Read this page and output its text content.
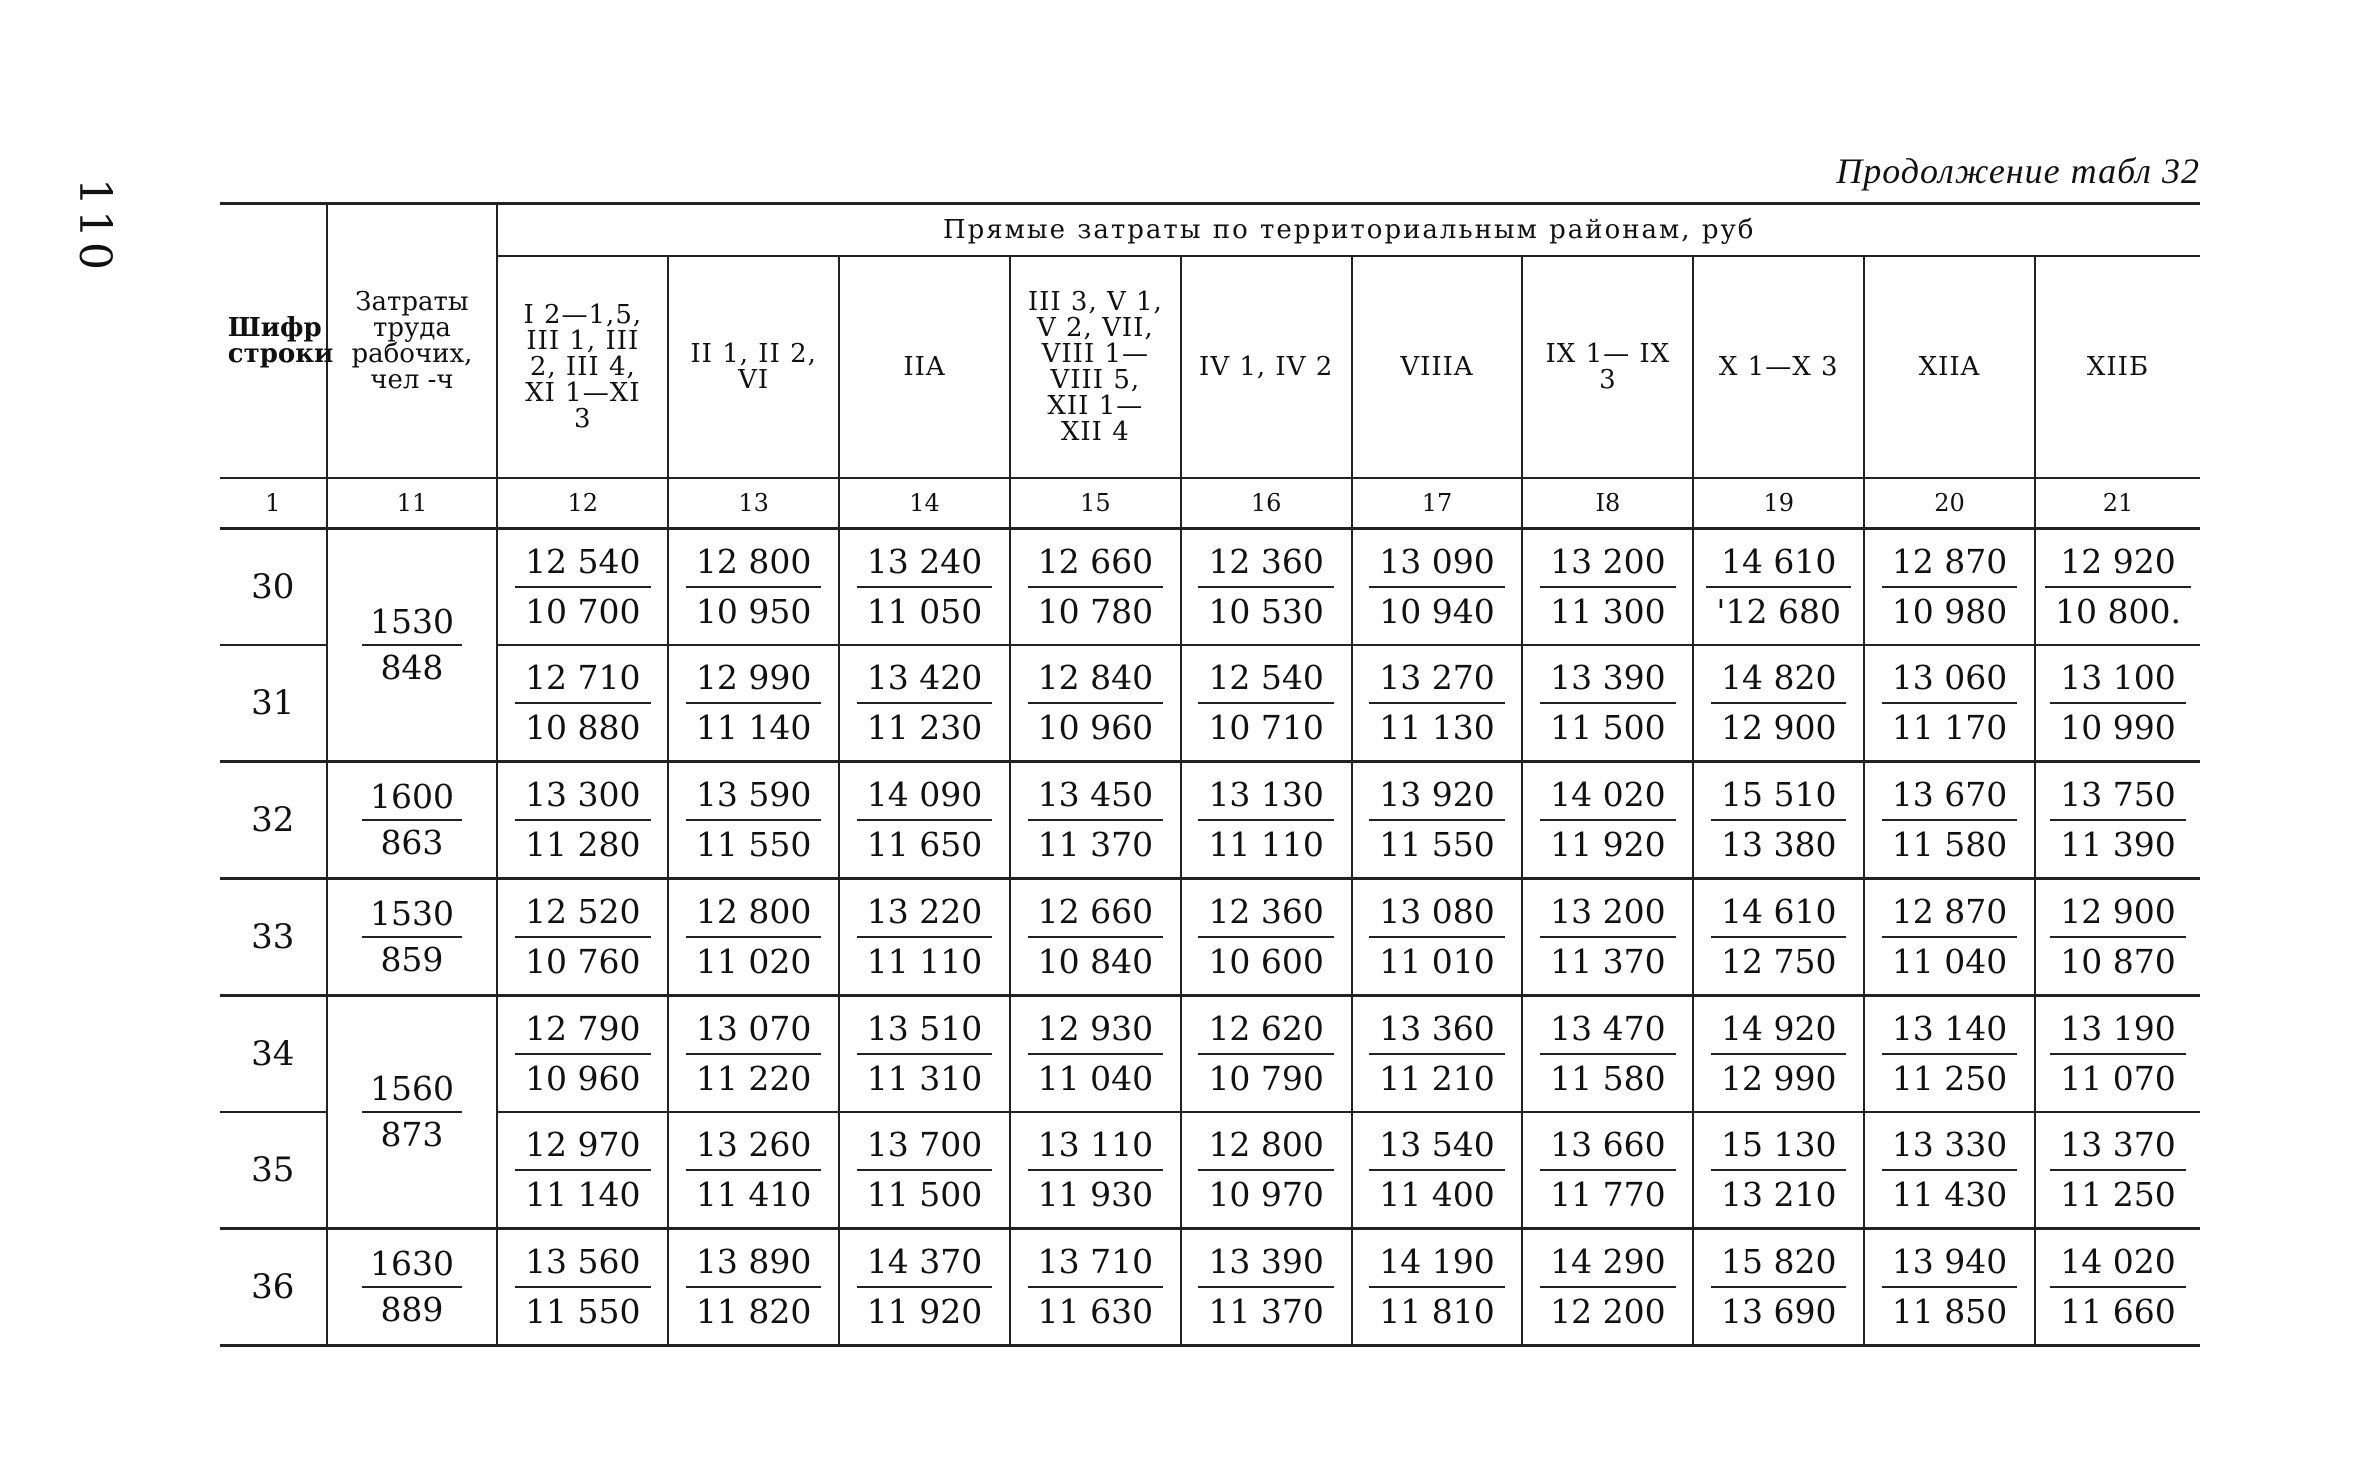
110
Продолжение табл 32
Шифр строки	Затраты труда рабочих, чел -ч	Прямые затраты по территориальным районам, руб									

		I 2—1,5, III 1, III 2, III 4, XI 1—XI 3	II 1, II 2, VI	IIA	III 3, V 1, V 2, VII, VIII 1— VIII 5, XII 1— XII 4	IV 1, IV 2	VIIIA	IX 1— IX 3	X 1—X 3	XIIA	XIIБ

1	11	12	13	14	15	16	17	I8	19	20	21
30	$\frac{1530}{848}$	$\frac{12 540}{10 700}$	$\frac{12 800}{10 950}$	$\frac{13 240}{11 050}$	$\frac{12 660}{10 780}$	$\frac{12 360}{10 530}$	$\frac{13 090}{10 940}$	$\frac{13 200}{11 300}$	$\frac{14 610}{'12 680}$	$\frac{12 870}{10 980}$	$\frac{12 920}{10 800.}$

31		$\frac{12 710}{10 880}$	$\frac{12 990}{11 140}$	$\frac{13 420}{11 230}$	$\frac{12 840}{10 960}$	$\frac{12 540}{10 710}$	$\frac{13 270}{11 130}$	$\frac{13 390}{11 500}$	$\frac{14 820}{12 900}$	$\frac{13 060}{11 170}$	$\frac{13 100}{10 990}$

32	$\frac{1600}{863}$	$\frac{13 300}{11 280}$	$\frac{13 590}{11 550}$	$\frac{14 090}{11 650}$	$\frac{13 450}{11 370}$	$\frac{13 130}{11 110}$	$\frac{13 920}{11 550}$	$\frac{14 020}{11 920}$	$\frac{15 510}{13 380}$	$\frac{13 670}{11 580}$	$\frac{13 750}{11 390}$

33	$\frac{1530}{859}$	$\frac{12 520}{10 760}$	$\frac{12 800}{11 020}$	$\frac{13 220}{11 110}$	$\frac{12 660}{10 840}$	$\frac{12 360}{10 600}$	$\frac{13 080}{11 010}$	$\frac{13 200}{11 370}$	$\frac{14 610}{12 750}$	$\frac{12 870}{11 040}$	$\frac{12 900}{10 870}$

34	$\frac{1560}{873}$	$\frac{12 790}{10 960}$	$\frac{13 070}{11 220}$	$\frac{13 510}{11 310}$	$\frac{12 930}{11 040}$	$\frac{12 620}{10 790}$	$\frac{13 360}{11 210}$	$\frac{13 470}{11 580}$	$\frac{14 920}{12 990}$	$\frac{13 140}{11 250}$	$\frac{13 190}{11 070}$

35		$\frac{12 970}{11 140}$	$\frac{13 260}{11 410}$	$\frac{13 700}{11 500}$	$\frac{13 110}{11 930}$	$\frac{12 800}{10 970}$	$\frac{13 540}{11 400}$	$\frac{13 660}{11 770}$	$\frac{15 130}{13 210}$	$\frac{13 330}{11 430}$	$\frac{13 370}{11 250}$

36	$\frac{1630}{889}$	$\frac{13 560}{11 550}$	$\frac{13 890}{11 820}$	$\frac{14 370}{11 920}$	$\frac{13 710}{11 630}$	$\frac{13 390}{11 370}$	$\frac{14 190}{11 810}$	$\frac{14 290}{12 200}$	$\frac{15 820}{13 690}$	$\frac{13 940}{11 850}$	$\frac{14 020}{11 660}$
